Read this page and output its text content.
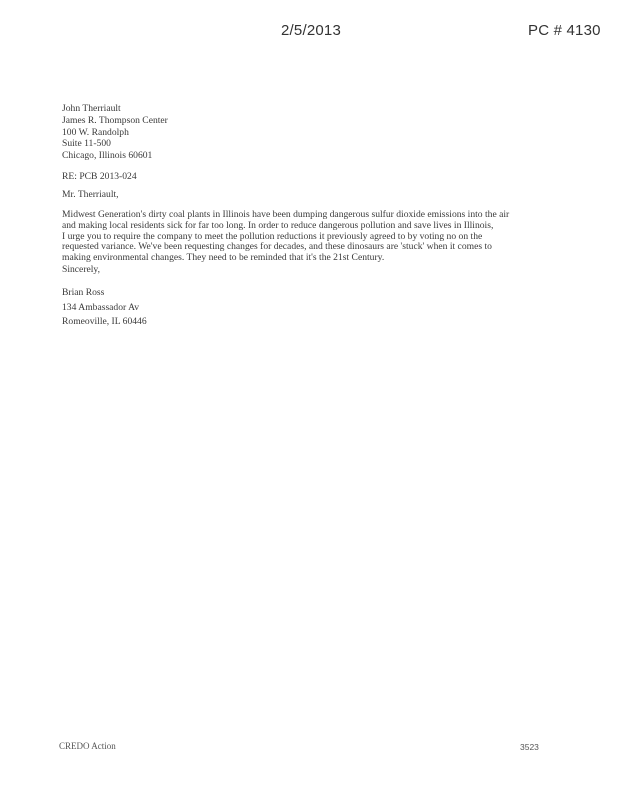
2/5/2013	PC # 4130
John Therriault
James R. Thompson Center
100 W. Randolph
Suite 11-500
Chicago, Illinois 60601
RE: PCB 2013-024
Mr. Therriault,
Midwest Generation's dirty coal plants in Illinois have been dumping dangerous sulfur dioxide emissions into the air
and making local residents sick for far too long. In order to reduce dangerous pollution and save lives in Illinois,
I urge you to require the company to meet the pollution reductions it previously agreed to by voting no on the
requested variance. We've been requesting changes for decades, and these dinosaurs are 'stuck' when it comes to
making environmental changes. They need to be reminded that it's the 21st Century.
Sincerely,
Brian Ross
134 Ambassador Av
Romeoville, IL 60446
CREDO Action	3523
